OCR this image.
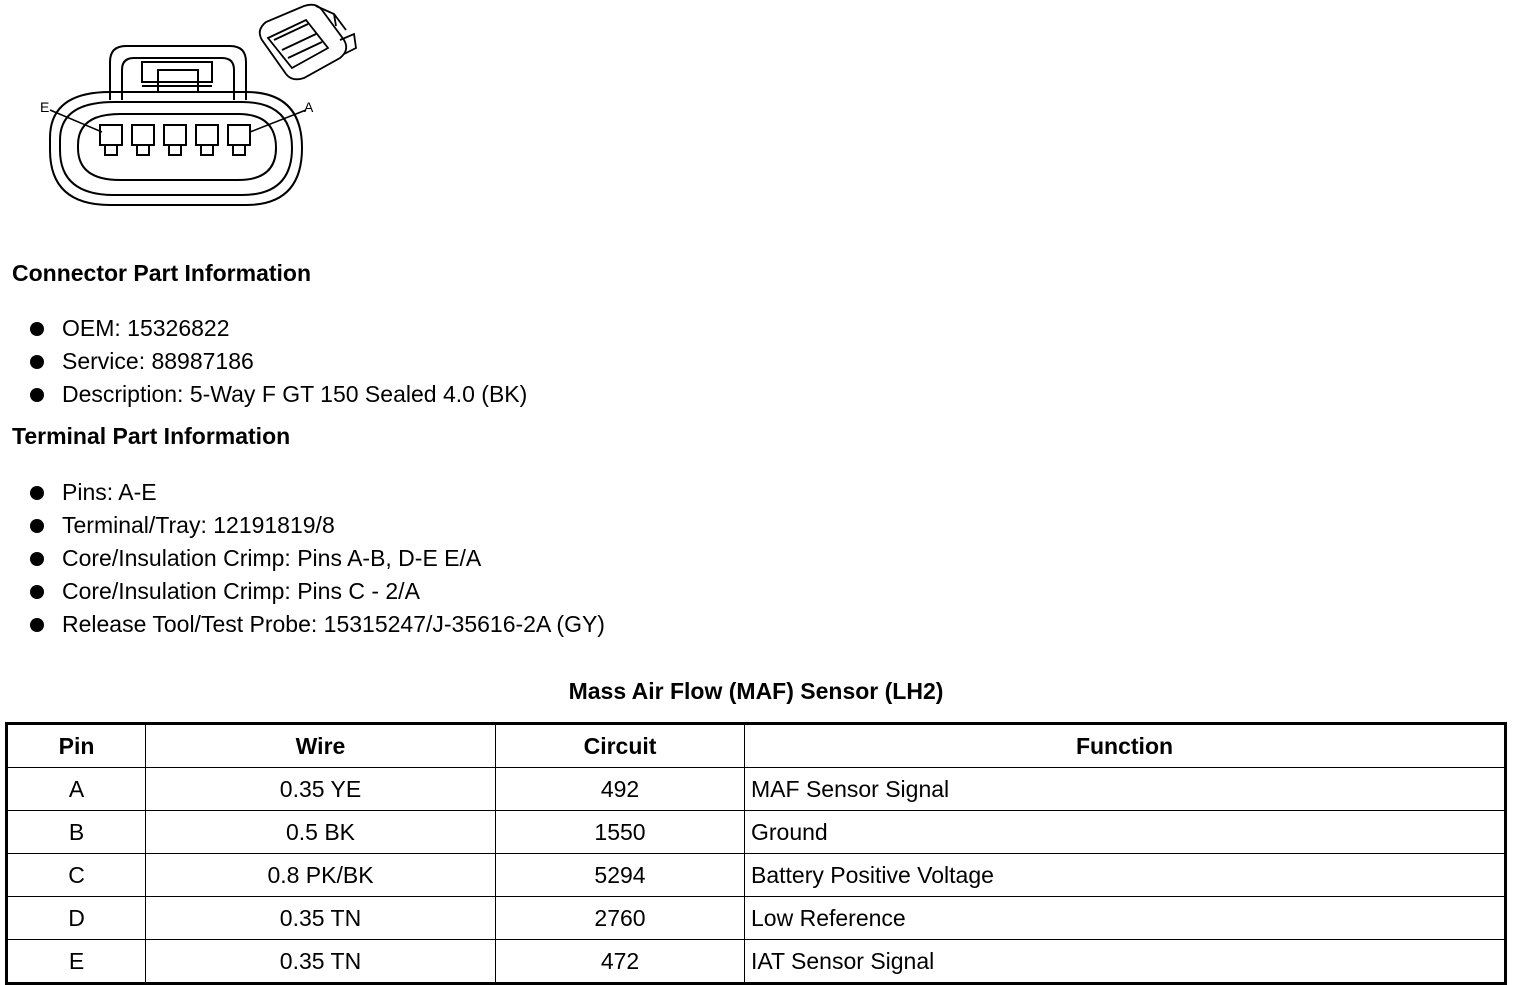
E	A
Connector Part Information
OEM: 15326822
Service: 88987186
Description: 5-Way F GT 150 Sealed 4.0 (BK)
Terminal Part Information
Pins: A-E
Terminal/Tray: 12191819/8
Core/Insulation Crimp: Pins A-B, D-E E/A
Core/Insulation Crimp: Pins C - 2/A
Release Tool/Test Probe: 15315247/J-35616-2A (GY)
Mass Air Flow (MAF) Sensor (LH2)
Pin	Wire	Circuit	Function
A	0.35 YE	492	MAF Sensor Signal
B	0.5 BK	1550	Ground
C	0.8 PK/BK	5294	Battery Positive Voltage
D	0.35 TN	2760	Low Reference
E	0.35 TN	472	IAT Sensor Signal
